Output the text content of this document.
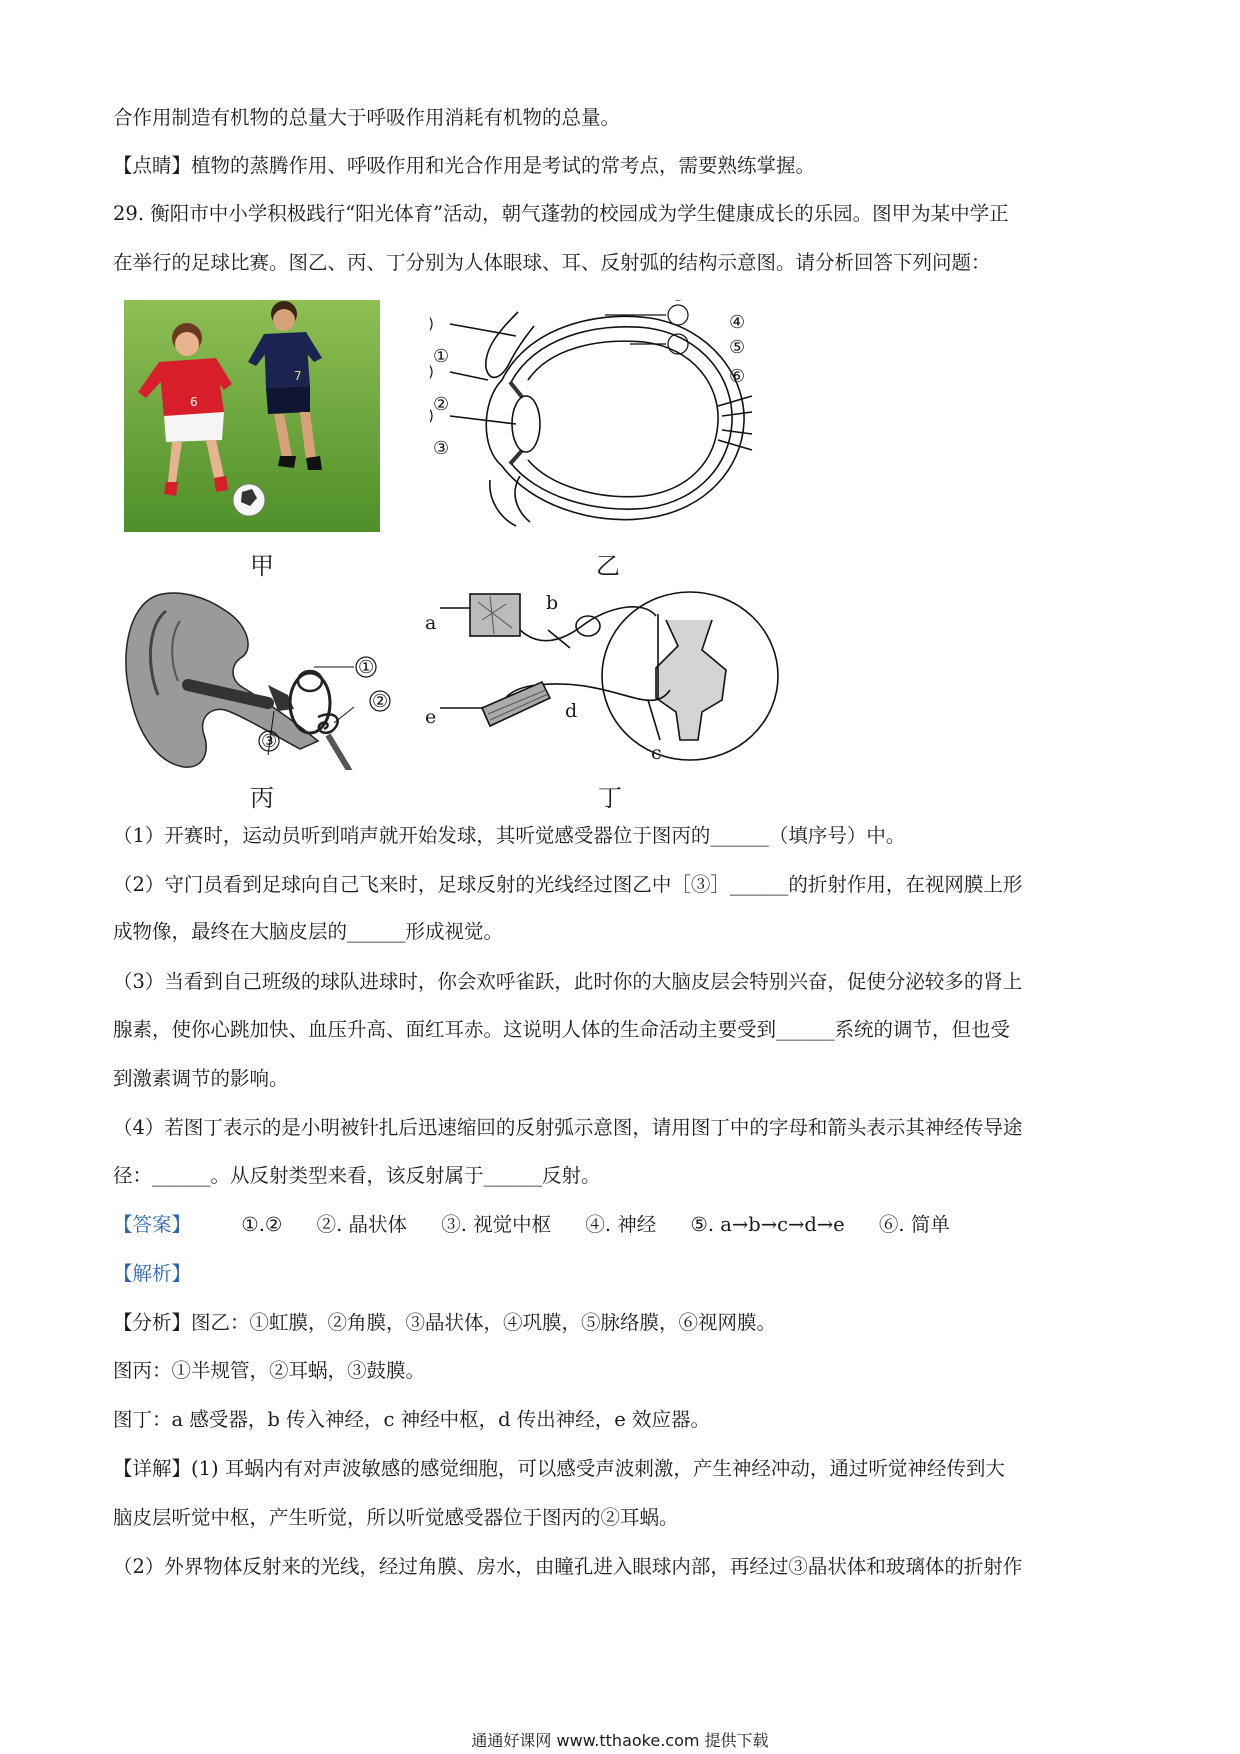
合作用制造有机物的总量大于呼吸作用消耗有机物的总量。
【点睛】植物的蒸腾作用、呼吸作用和光合作用是考试的常考点，需要熟练掌握。
29. 衡阳市中小学积极践行“阳光体育”活动，朝气蓬勃的校园成为学生健康成长的乐园。图甲为某中学正
在举行的足球比赛。图乙、丙、丁分别为人体眼球、耳、反射弧的结构示意图。请分析回答下列问题：
6
7
甲
①
②
③
④
⑤
⑥
乙
①
②
③
丙
a
b
c
d
e
丁
（1）开赛时，运动员听到哨声就开始发球，其听觉感受器位于图丙的______（填序号）中。
（2）守门员看到足球向自己飞来时，足球反射的光线经过图乙中［③］______的折射作用，在视网膜上形
成物像，最终在大脑皮层的______形成视觉。
（3）当看到自己班级的球队进球时，你会欢呼雀跃，此时你的大脑皮层会特别兴奋，促使分泌较多的肾上
腺素，使你心跳加快、血压升高、面红耳赤。这说明人体的生命活动主要受到______系统的调节，但也受
到激素调节的影响。
（4）若图丁表示的是小明被针扎后迅速缩回的反射弧示意图，请用图丁中的字母和箭头表示其神经传导途
径：______。从反射类型来看，该反射属于______反射。
【答案】	①.② ②. 晶状体 ③. 视觉中枢 ④. 神经 ⑤. a→b→c→d→e ⑥. 简单
【解析】
【分析】图乙：①虹膜，②角膜，③晶状体，④巩膜，⑤脉络膜，⑥视网膜。
图丙：①半规管，②耳蜗，③鼓膜。
图丁：a 感受器，b 传入神经，c 神经中枢，d 传出神经，e 效应器。
【详解】(1) 耳蜗内有对声波敏感的感觉细胞，可以感受声波刺激，产生神经冲动，通过听觉神经传到大
脑皮层听觉中枢，产生听觉，所以听觉感受器位于图丙的②耳蜗。
（2）外界物体反射来的光线，经过角膜、房水，由瞳孔进入眼球内部，再经过③晶状体和玻璃体的折射作
通通好课网 www.tthaoke.com 提供下载
